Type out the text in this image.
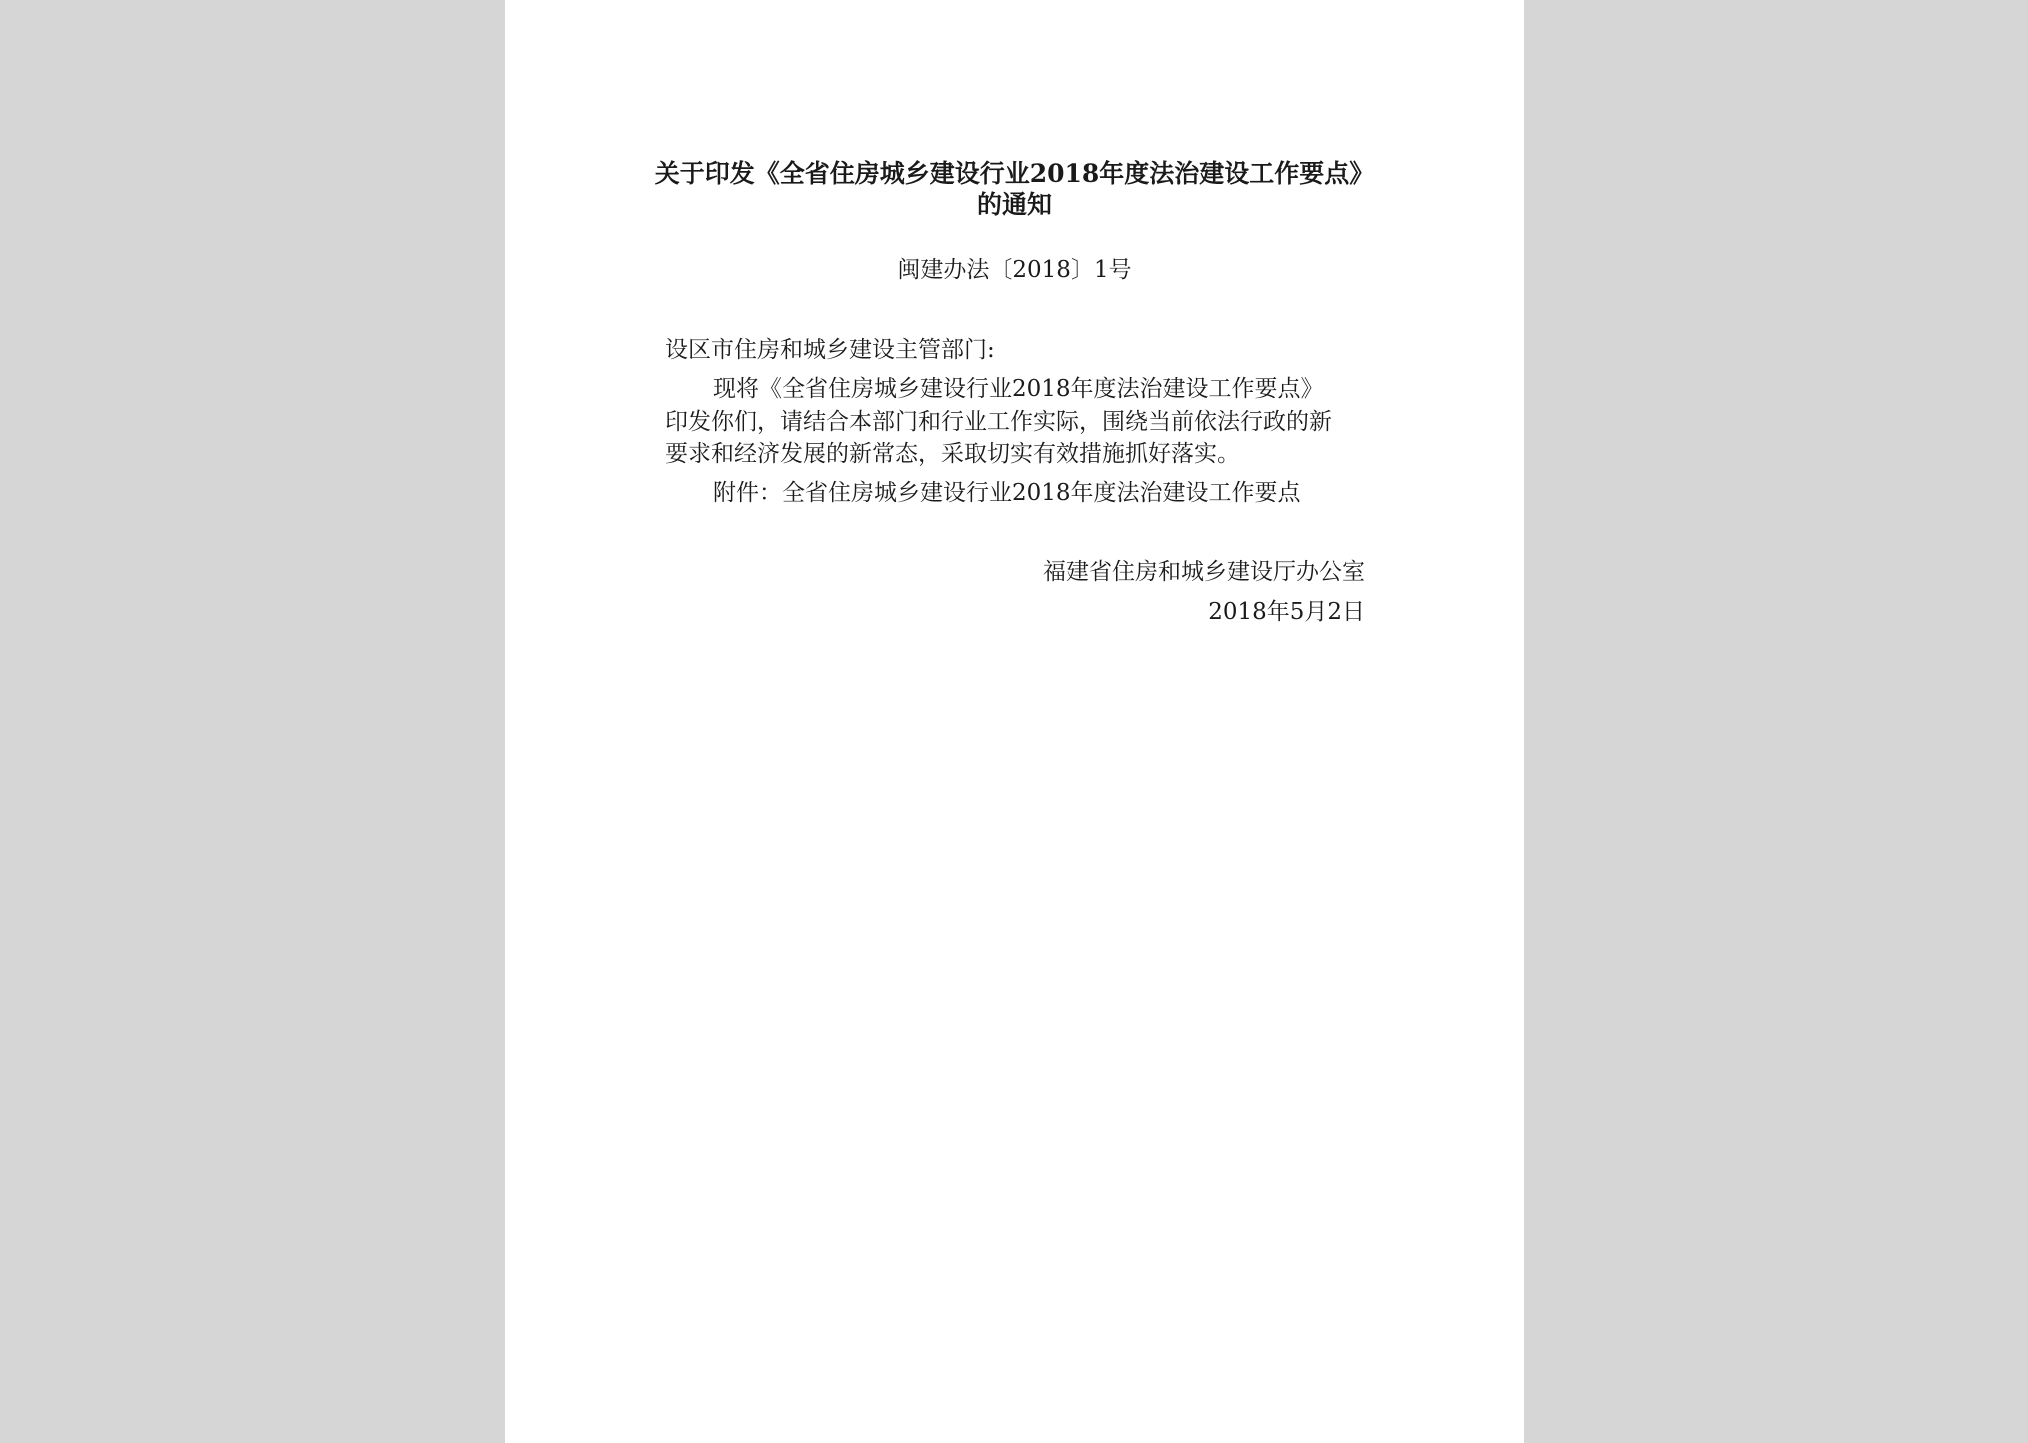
关于印发《全省住房城乡建设行业2018年度法治建设工作要点》
的通知
闽建办法〔2018〕1号
设区市住房和城乡建设主管部门:
现将《全省住房城乡建设行业2018年度法治建设工作要点》
印发你们，请结合本部门和行业工作实际，围绕当前依法行政的新
要求和经济发展的新常态，采取切实有效措施抓好落实。
附件：全省住房城乡建设行业2018年度法治建设工作要点
福建省住房和城乡建设厅办公室
2018年5月2日
